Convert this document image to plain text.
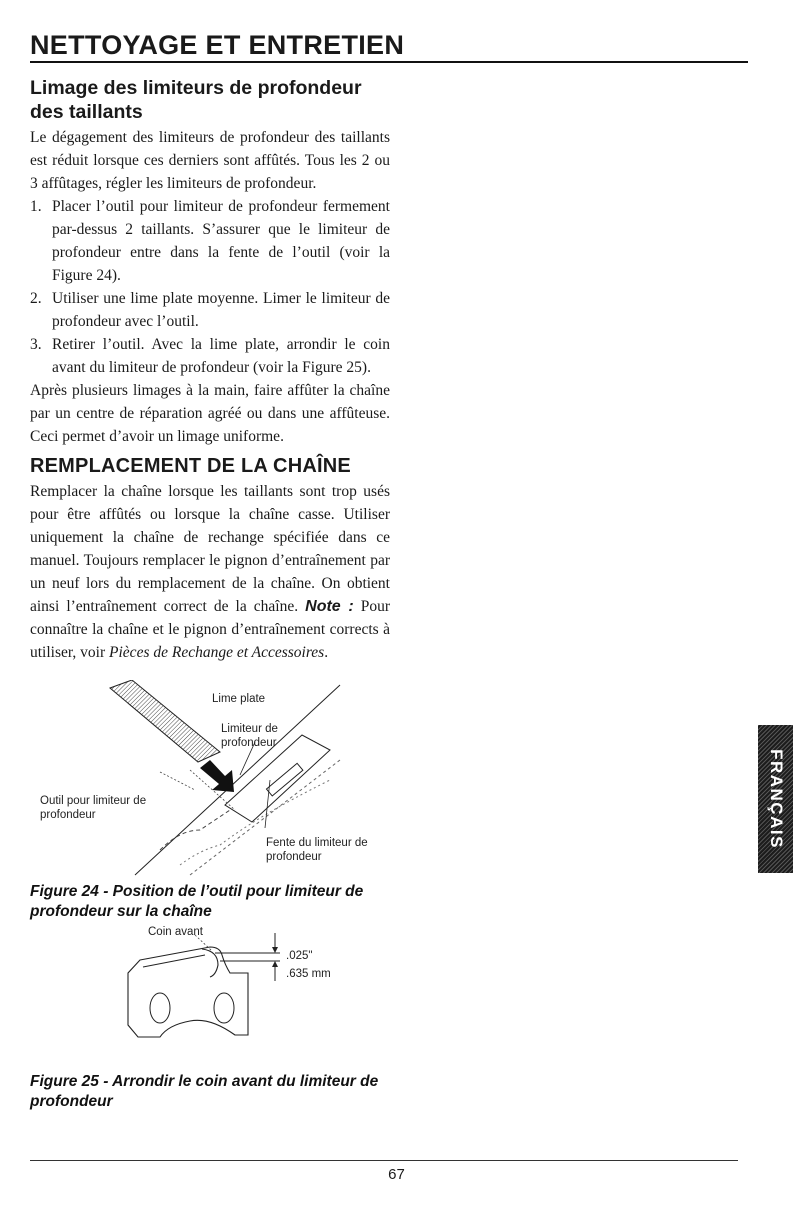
NETTOYAGE ET ENTRETIEN
Limage des limiteurs de profondeur des taillants

Le dégagement des limiteurs de profondeur des taillants est réduit lorsque ces derniers sont affûtés. Tous les 2 ou 3 affûtages, régler les limiteurs de profondeur.

1. Placer l’outil pour limiteur de profondeur fermement par-dessus 2 taillants. S’assurer que le limiteur de profondeur entre dans la fente de l’outil (voir la Figure 24).
2. Utiliser une lime plate moyenne. Limer le limiteur de profondeur avec l’outil.
3. Retirer l’outil. Avec la lime plate, arrondir le coin avant du limiteur de profondeur (voir la Figure 25).

Après plusieurs limages à la main, faire affûter la chaîne par un centre de réparation agréé ou dans une affûteuse. Ceci permet d’avoir un limage uniforme.

REMPLACEMENT DE LA CHAÎNE

Remplacer la chaîne lorsque les taillants sont trop usés pour être affûtés ou lorsque la chaîne casse. Utiliser uniquement la chaîne de rechange spécifiée dans ce manuel. Toujours remplacer le pignon d’entraînement par un neuf lors du remplacement de la chaîne. On obtient ainsi l’entraînement correct de la chaîne. Note : Pour connaître la chaîne et le pignon d’entraînement corrects à utiliser, voir Pièces de Rechange et Accessoires.

Lime plate
Limiteur de
profondeur
Outil pour limiteur de
profondeur
Fente du limiteur de
profondeur
Figure 24 - Position de l’outil pour limiteur de profondeur sur la chaîne
Coin avant
.025"
.635 mm
Figure 25 - Arrondir le coin avant du limiteur de profondeur
FRANÇAIS
67
